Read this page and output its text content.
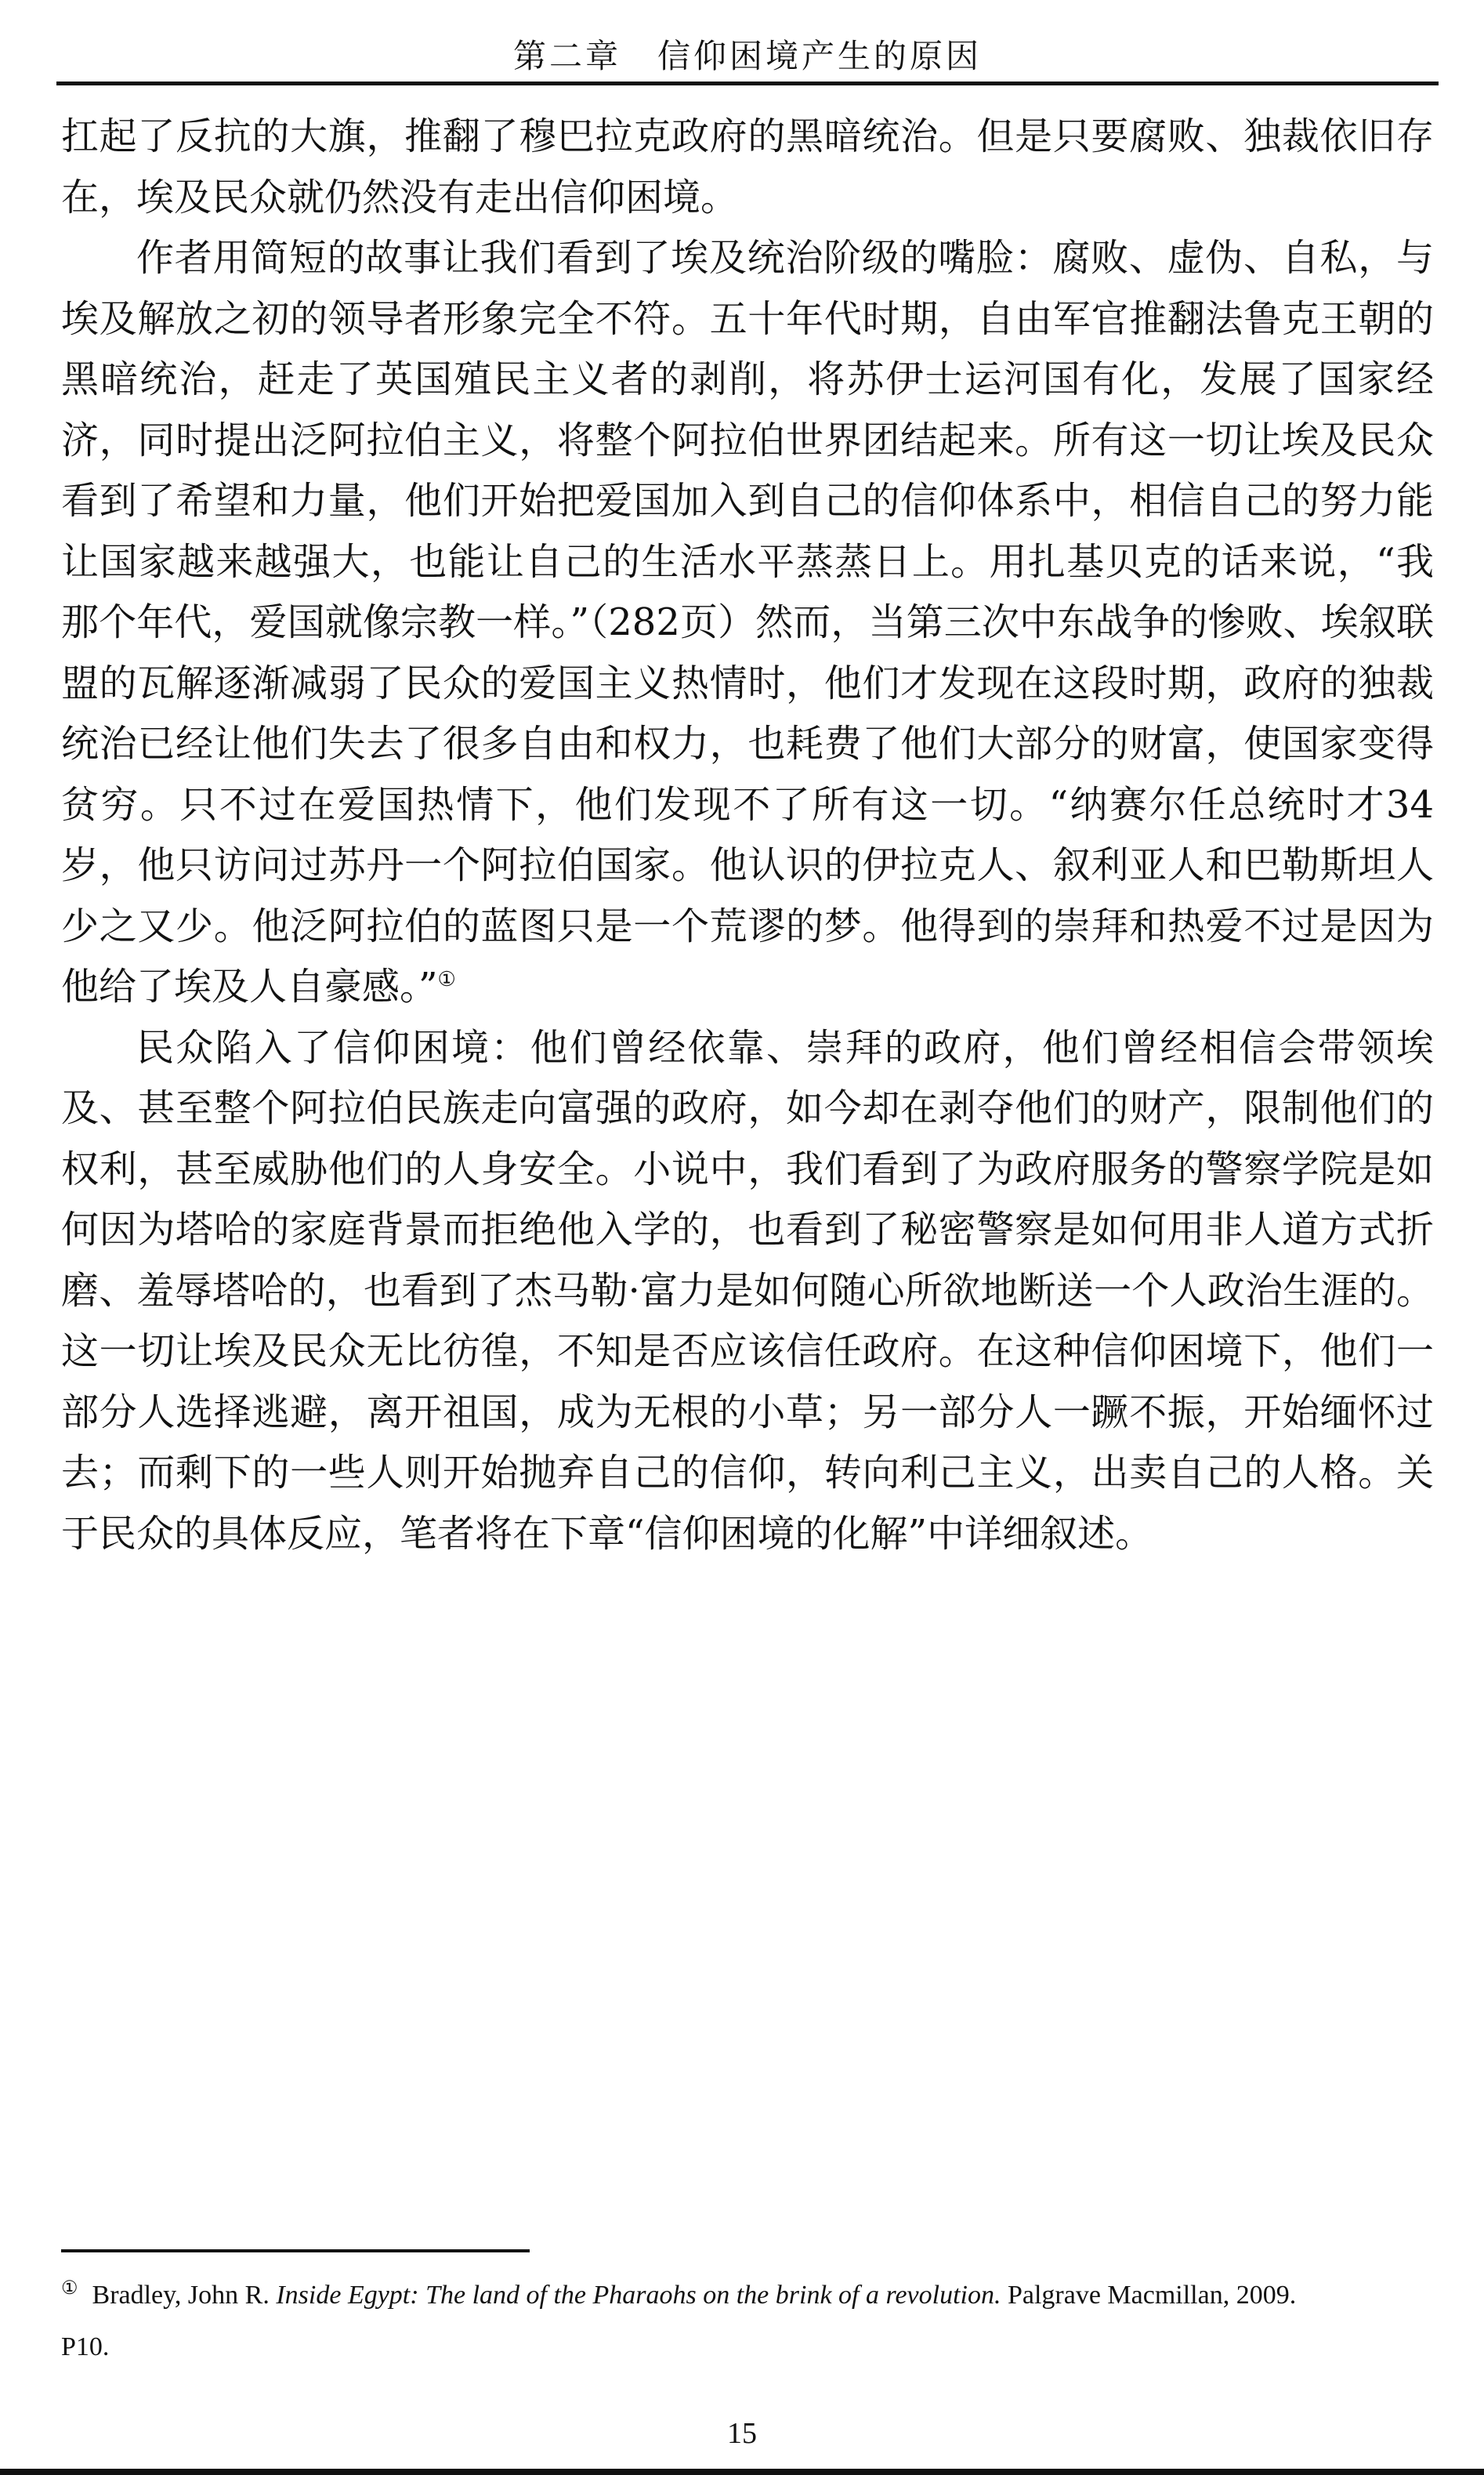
第二章　信仰困境产生的原因

扛起了反抗的大旗，推翻了穆巴拉克政府的黑暗统治。但是只要腐败、独裁依旧存在，埃及民众就仍然没有走出信仰困境。

作者用简短的故事让我们看到了埃及统治阶级的嘴脸：腐败、虚伪、自私，与埃及解放之初的领导者形象完全不符。五十年代时期，自由军官推翻法鲁克王朝的黑暗统治，赶走了英国殖民主义者的剥削，将苏伊士运河国有化，发展了国家经济，同时提出泛阿拉伯主义，将整个阿拉伯世界团结起来。所有这一切让埃及民众看到了希望和力量，他们开始把爱国加入到自己的信仰体系中，相信自己的努力能让国家越来越强大，也能让自己的生活水平蒸蒸日上。用扎基贝克的话来说，“我那个年代，爱国就像宗教一样。”（282页）然而，当第三次中东战争的惨败、埃叙联盟的瓦解逐渐减弱了民众的爱国主义热情时，他们才发现在这段时期，政府的独裁统治已经让他们失去了很多自由和权力，也耗费了他们大部分的财富，使国家变得贫穷。只不过在爱国热情下，他们发现不了所有这一切。“纳赛尔任总统时才34岁，他只访问过苏丹一个阿拉伯国家。他认识的伊拉克人、叙利亚人和巴勒斯坦人少之又少。他泛阿拉伯的蓝图只是一个荒谬的梦。他得到的崇拜和热爱不过是因为他给了埃及人自豪感。”①

民众陷入了信仰困境：他们曾经依靠、崇拜的政府，他们曾经相信会带领埃及、甚至整个阿拉伯民族走向富强的政府，如今却在剥夺他们的财产，限制他们的权利，甚至威胁他们的人身安全。小说中，我们看到了为政府服务的警察学院是如何因为塔哈的家庭背景而拒绝他入学的，也看到了秘密警察是如何用非人道方式折磨、羞辱塔哈的，也看到了杰马勒·富力是如何随心所欲地断送一个人政治生涯的。这一切让埃及民众无比彷徨，不知是否应该信任政府。在这种信仰困境下，他们一部分人选择逃避，离开祖国，成为无根的小草；另一部分人一蹶不振，开始缅怀过去；而剩下的一些人则开始抛弃自己的信仰，转向利己主义，出卖自己的人格。关于民众的具体反应，笔者将在下章“信仰困境的化解”中详细叙述。

① Bradley, John R. Inside Egypt: The land of the Pharaohs on the brink of a revolution. Palgrave Macmillan, 2009.
P10.
15
